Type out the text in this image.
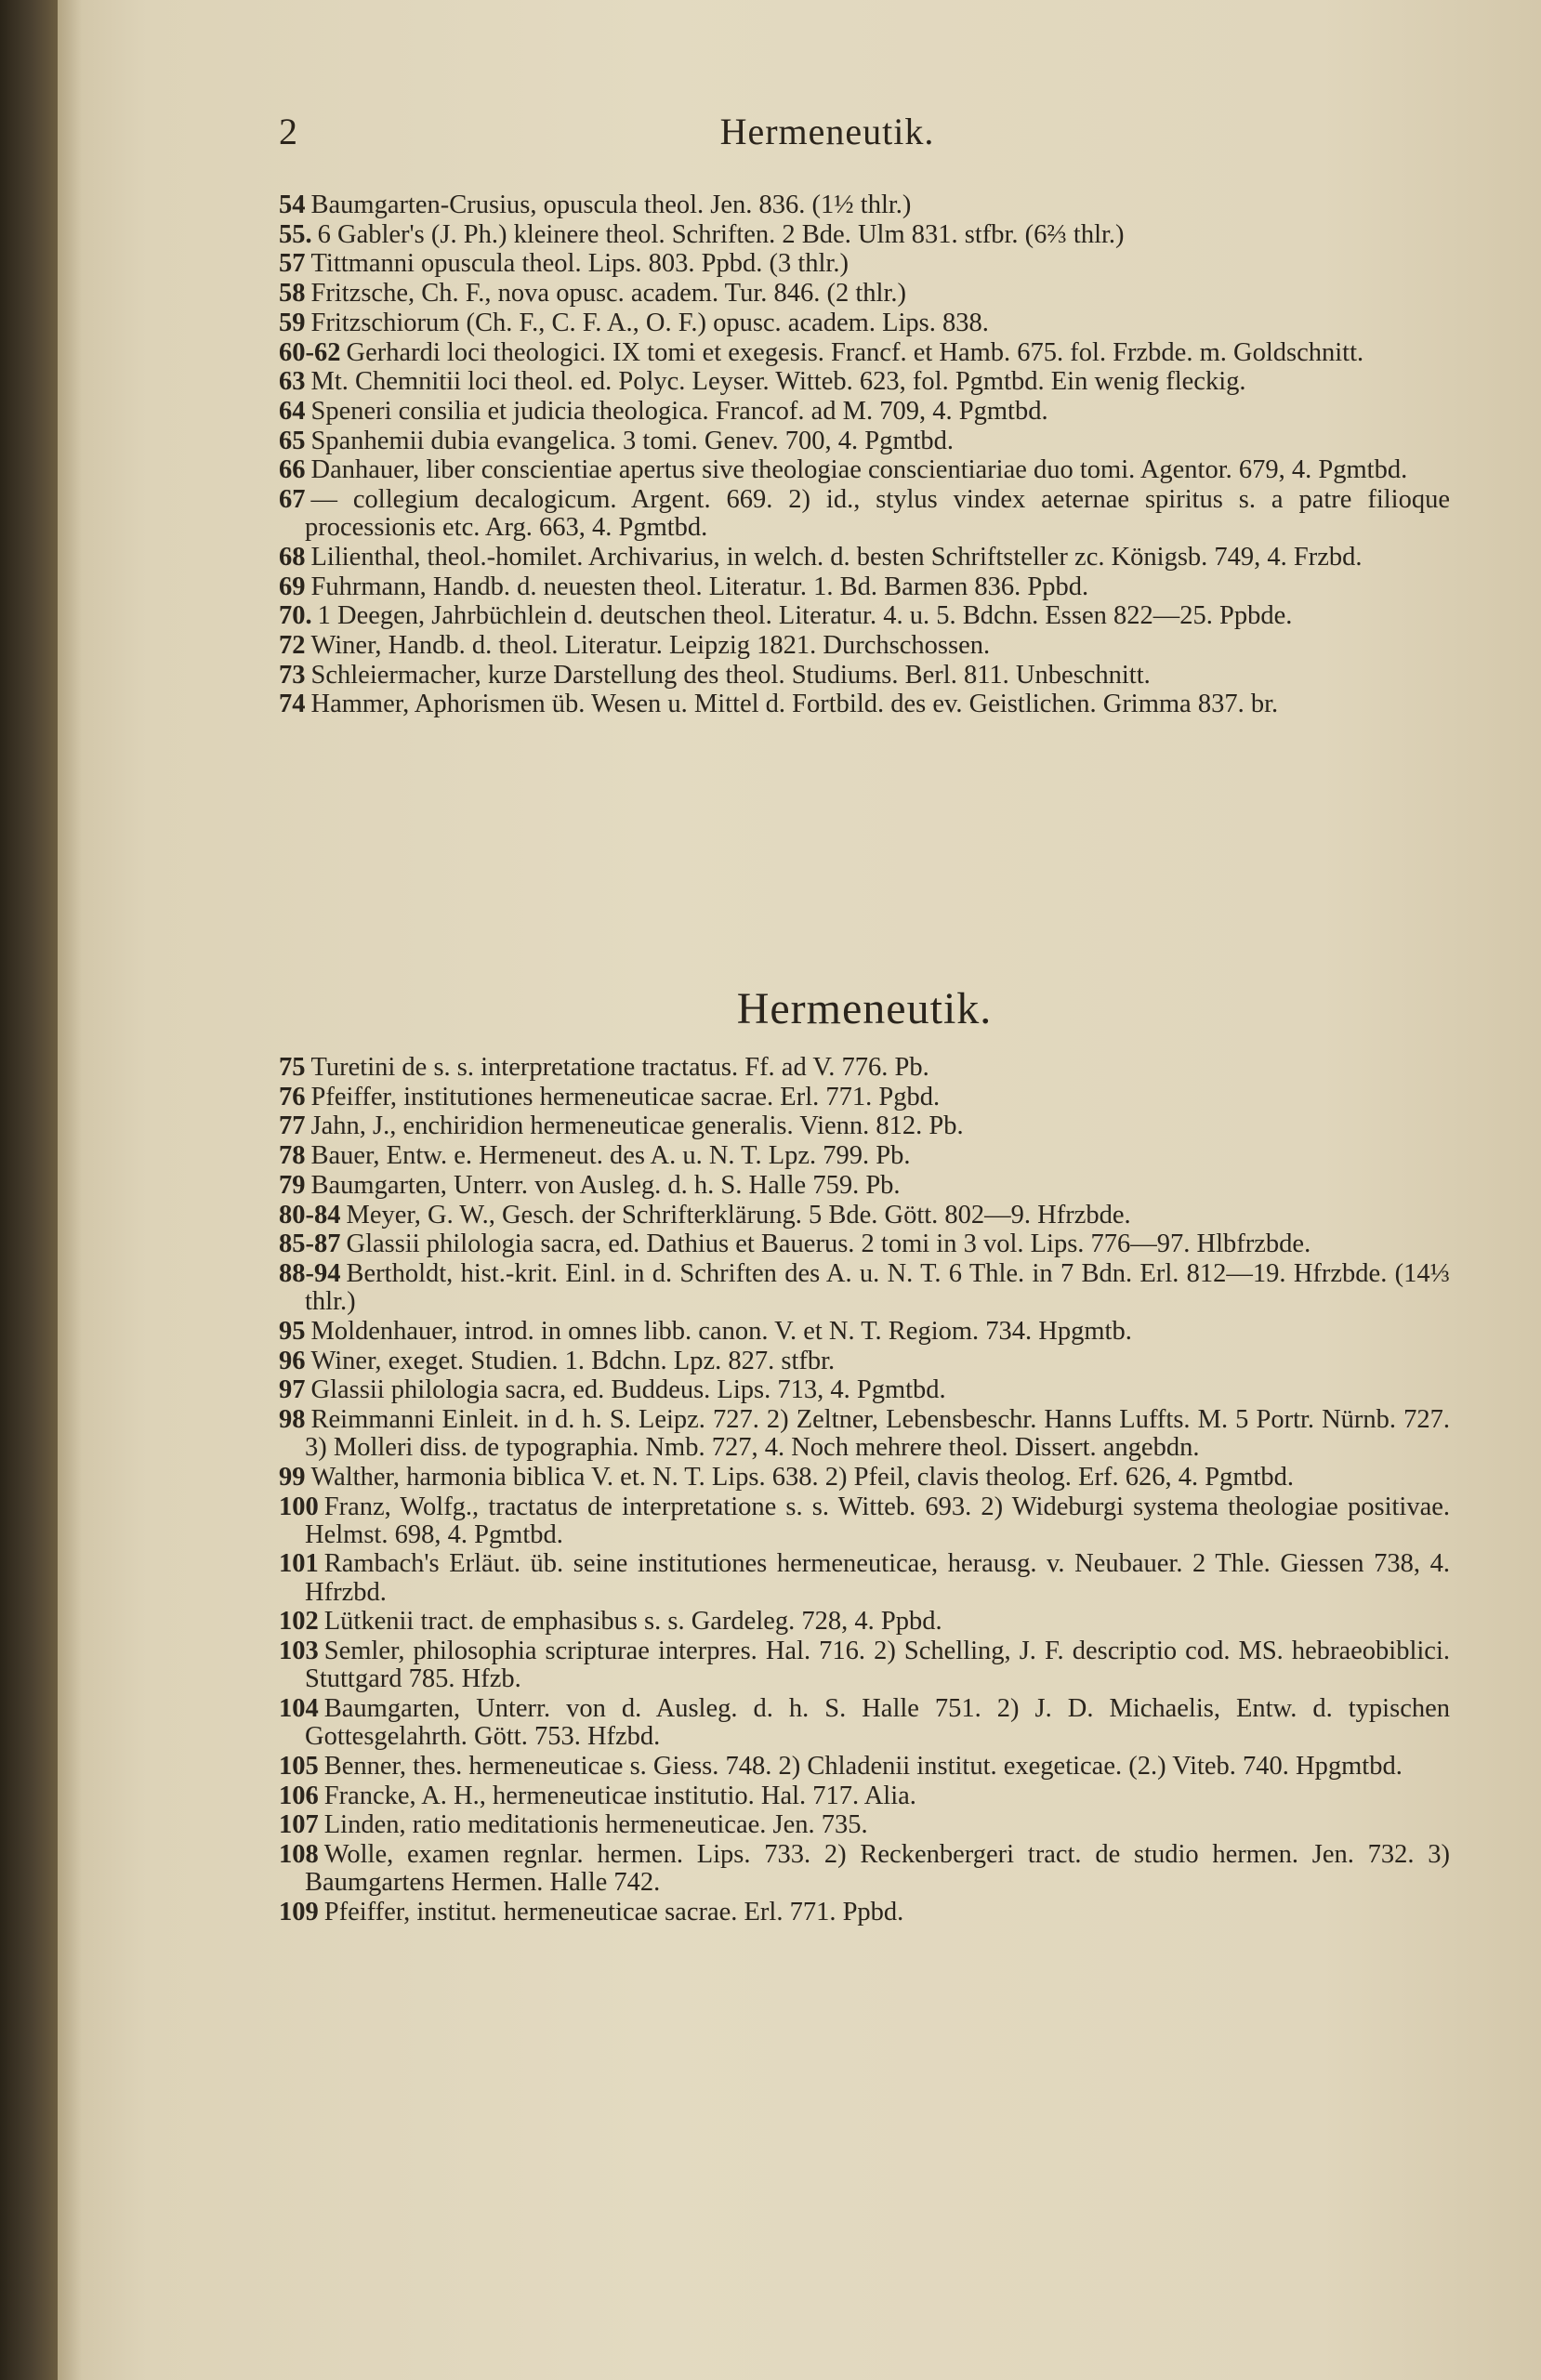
2	Hermeneutik.

54 Baumgarten-Crusius, opuscula theol. Jen. 836. (1½ thlr.)

55. 6 Gabler's (J. Ph.) kleinere theol. Schriften. 2 Bde. Ulm 831. stfbr. (6⅔ thlr.)

57 Tittmanni opuscula theol. Lips. 803. Ppbd. (3 thlr.)

58 Fritzsche, Ch. F., nova opusc. academ. Tur. 846. (2 thlr.)

59 Fritzschiorum (Ch. F., C. F. A., O. F.) opusc. academ. Lips. 838.

60-62 Gerhardi loci theologici. IX tomi et exegesis. Francf. et Hamb. 675. fol. Frzbde. m. Goldschnitt.

63 Mt. Chemnitii loci theol. ed. Polyc. Leyser. Witteb. 623, fol. Pgmtbd. Ein wenig fleckig.

64 Speneri consilia et judicia theologica. Francof. ad M. 709, 4. Pgmtbd.

65 Spanhemii dubia evangelica. 3 tomi. Genev. 700, 4. Pgmtbd.

66 Danhauer, liber conscientiae apertus sive theologiae conscientiariae duo tomi. Agentor. 679, 4. Pgmtbd.

67 — collegium decalogicum. Argent. 669. 2) id., stylus vindex aeternae spiritus s. a patre filioque processionis etc. Arg. 663, 4. Pgmtbd.

68 Lilienthal, theol.-homilet. Archivarius, in welch. d. besten Schriftsteller zc. Königsb. 749, 4. Frzbd.

69 Fuhrmann, Handb. d. neuesten theol. Literatur. 1. Bd. Barmen 836. Ppbd.

70. 1 Deegen, Jahrbüchlein d. deutschen theol. Literatur. 4. u. 5. Bdchn. Essen 822—25. Ppbde.

72 Winer, Handb. d. theol. Literatur. Leipzig 1821. Durchschossen.

73 Schleiermacher, kurze Darstellung des theol. Studiums. Berl. 811. Unbeschnitt.

74 Hammer, Aphorismen üb. Wesen u. Mittel d. Fortbild. des ev. Geistlichen. Grimma 837. br.

Hermeneutik.

75 Turetini de s. s. interpretatione tractatus. Ff. ad V. 776. Pb.

76 Pfeiffer, institutiones hermeneuticae sacrae. Erl. 771. Pgbd.

77 Jahn, J., enchiridion hermeneuticae generalis. Vienn. 812. Pb.

78 Bauer, Entw. e. Hermeneut. des A. u. N. T. Lpz. 799. Pb.

79 Baumgarten, Unterr. von Ausleg. d. h. S. Halle 759. Pb.

80-84 Meyer, G. W., Gesch. der Schrifterklärung. 5 Bde. Gött. 802—9. Hfrzbde.

85-87 Glassii philologia sacra, ed. Dathius et Bauerus. 2 tomi in 3 vol. Lips. 776—97. Hlbfrzbde.

88-94 Bertholdt, hist.-krit. Einl. in d. Schriften des A. u. N. T. 6 Thle. in 7 Bdn. Erl. 812—19. Hfrzbde. (14⅓ thlr.)

95 Moldenhauer, introd. in omnes libb. canon. V. et N. T. Regiom. 734. Hpgmtb.

96 Winer, exeget. Studien. 1. Bdchn. Lpz. 827. stfbr.

97 Glassii philologia sacra, ed. Buddeus. Lips. 713, 4. Pgmtbd.

98 Reimmanni Einleit. in d. h. S. Leipz. 727. 2) Zeltner, Lebensbeschr. Hanns Luffts. M. 5 Portr. Nürnb. 727. 3) Molleri diss. de typographia. Nmb. 727, 4. Noch mehrere theol. Dissert. angebdn.

99 Walther, harmonia biblica V. et. N. T. Lips. 638. 2) Pfeil, clavis theolog. Erf. 626, 4. Pgmtbd.

100 Franz, Wolfg., tractatus de interpretatione s. s. Witteb. 693. 2) Wideburgi systema theologiae positivae. Helmst. 698, 4. Pgmtbd.

101 Rambach's Erläut. üb. seine institutiones hermeneuticae, herausg. v. Neubauer. 2 Thle. Giessen 738, 4. Hfrzbd.

102 Lütkenii tract. de emphasibus s. s. Gardeleg. 728, 4. Ppbd.

103 Semler, philosophia scripturae interpres. Hal. 716. 2) Schelling, J. F. descriptio cod. MS. hebraeobiblici. Stuttgard 785. Hfzb.

104 Baumgarten, Unterr. von d. Ausleg. d. h. S. Halle 751. 2) J. D. Michaelis, Entw. d. typischen Gottesgelahrth. Gött. 753. Hfzbd.

105 Benner, thes. hermeneuticae s. Giess. 748. 2) Chladenii institut. exegeticae. (2.) Viteb. 740. Hpgmtbd.

106 Francke, A. H., hermeneuticae institutio. Hal. 717. Alia.

107 Linden, ratio meditationis hermeneuticae. Jen. 735.

108 Wolle, examen regnlar. hermen. Lips. 733. 2) Reckenbergeri tract. de studio hermen. Jen. 732. 3) Baumgartens Hermen. Halle 742.

109 Pfeiffer, institut. hermeneuticae sacrae. Erl. 771. Ppbd.
